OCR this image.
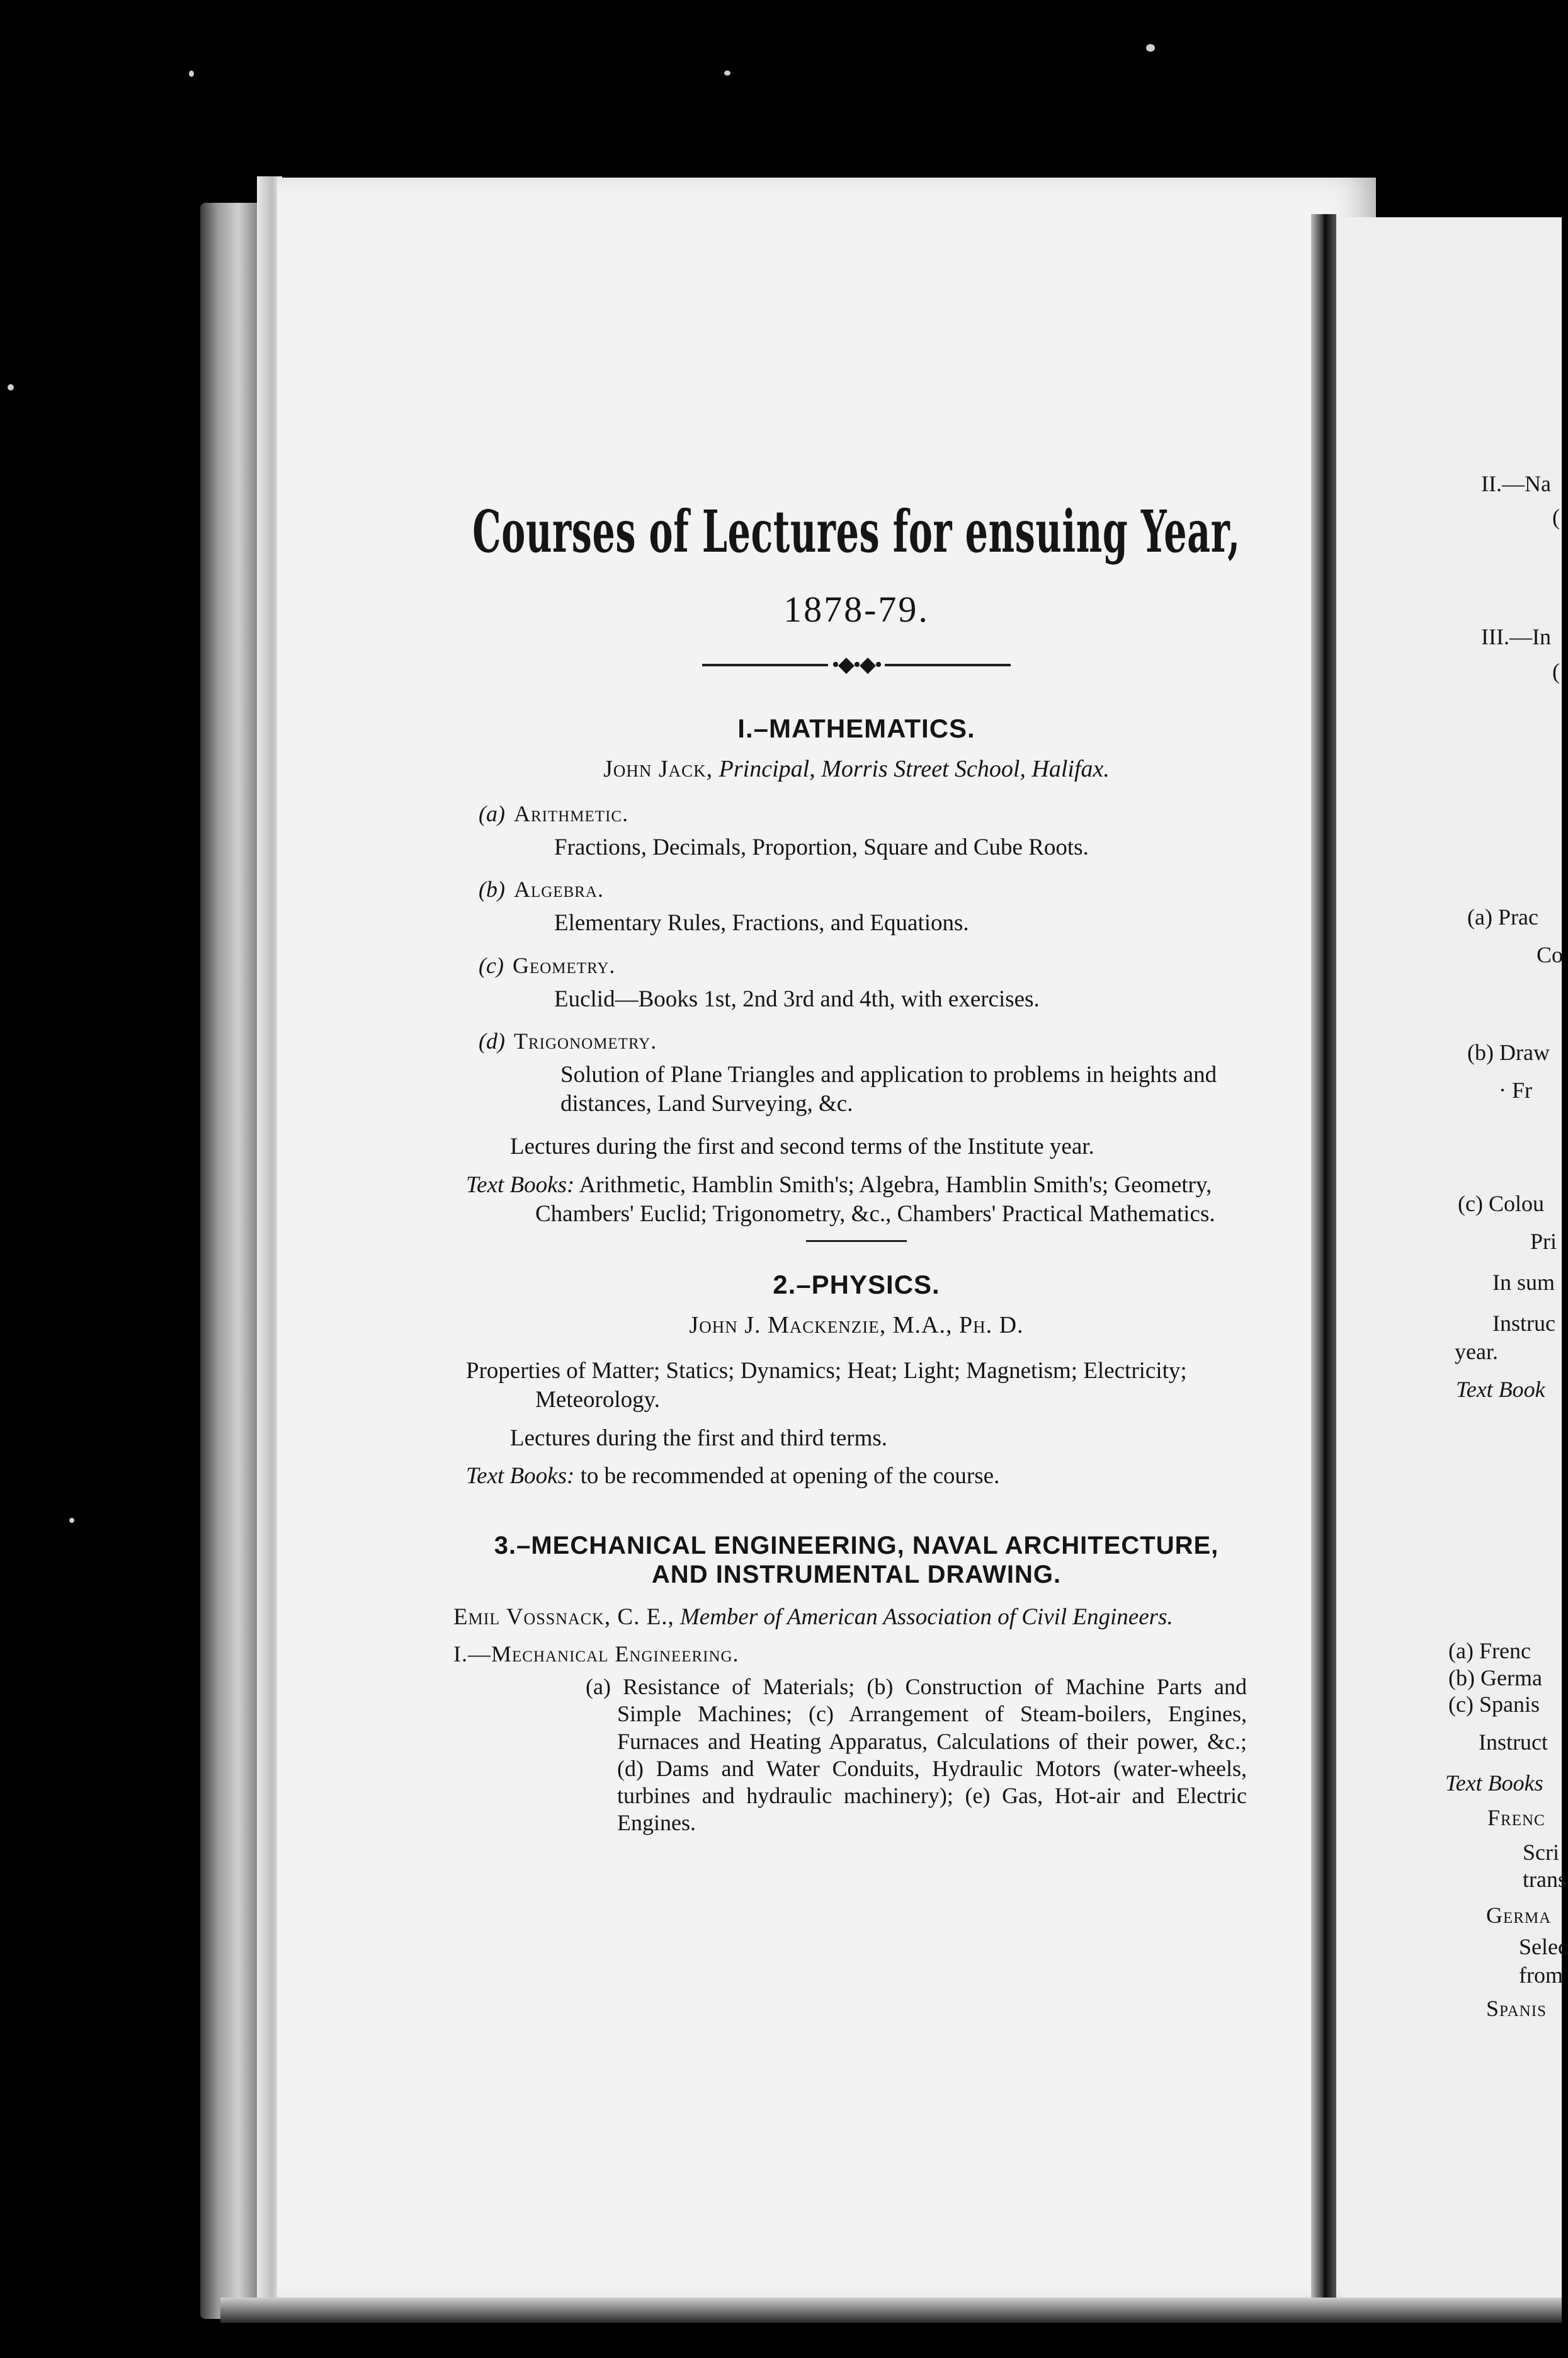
II.—Na
(
III.—In
(
(a) Prac
Co
(b) Draw
· Fr
(c) Colou
Pri
In sum
Instruc
year.
Text Book
(a) Frenc
(b) Germa
(c) Spanis
Instruct
Text Books
Frenc
Scri
trans
Germa
Selec
from
Spanis
Courses of Lectures for ensuing Year,
1878-79.
•◆•◆•
I.–MATHEMATICS.
John Jack, Principal, Morris Street School, Halifax.
(a) Arithmetic.
Fractions, Decimals, Proportion, Square and Cube Roots.
(b) Algebra.
Elementary Rules, Fractions, and Equations.
(c) Geometry.
Euclid—Books 1st, 2nd 3rd and 4th, with exercises.
(d) Trigonometry.
Solution of Plane Triangles and application to problems in heights and distances, Land Surveying, &c.
Lectures during the first and second terms of the Institute year.
Text Books: Arithmetic, Hamblin Smith's; Algebra, Hamblin Smith's; Geometry, Chambers' Euclid; Trigonometry, &c., Chambers' Practical Mathematics.
2.–PHYSICS.
John J. Mackenzie, M.A., Ph. D.
Properties of Matter; Statics; Dynamics; Heat; Light; Magnetism; Electricity; Meteorology.
Lectures during the first and third terms.
Text Books: to be recommended at opening of the course.
3.–MECHANICAL ENGINEERING, NAVAL ARCHITECTURE, AND INSTRUMENTAL DRAWING.
Emil Vossnack, C. E., Member of American Association of Civil Engineers.
I.—Mechanical Engineering.
(a) Resistance of Materials; (b) Construction of Machine Parts and Simple Machines; (c) Arrangement of Steam-boilers, Engines, Furnaces and Heating Apparatus, Calculations of their power, &c.; (d) Dams and Water Conduits, Hydraulic Motors (water-wheels, turbines and hydraulic machinery); (e) Gas, Hot-air and Electric Engines.
